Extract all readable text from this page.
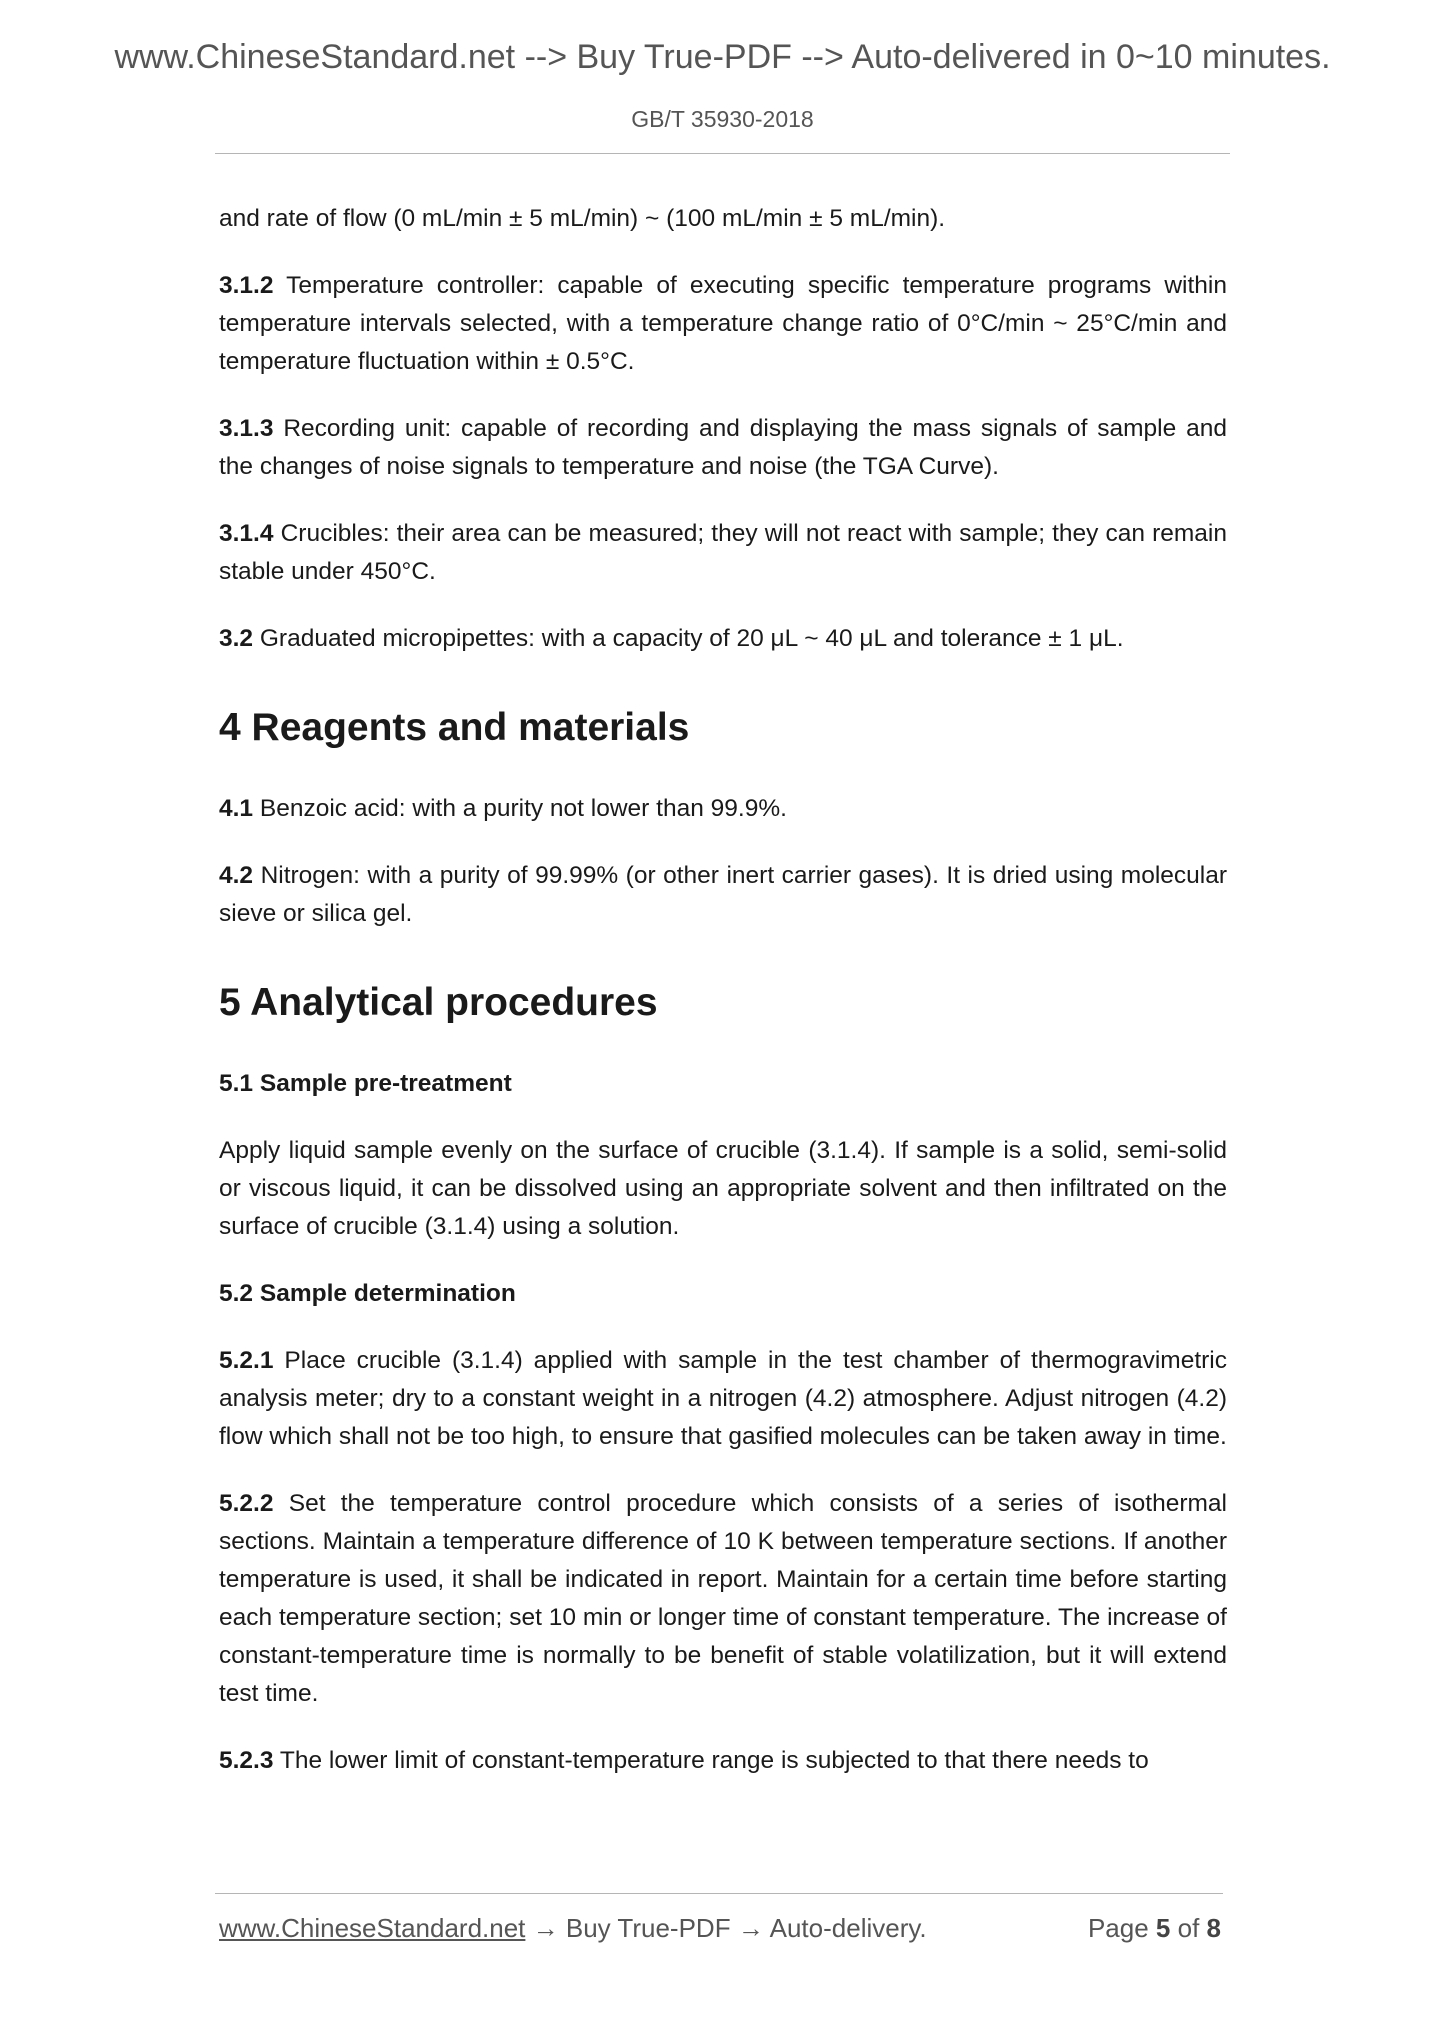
www.ChineseStandard.net --> Buy True-PDF --> Auto-delivered in 0~10 minutes.
GB/T 35930-2018

and rate of flow (0 mL/min ± 5 mL/min) ~ (100 mL/min ± 5 mL/min).

3.1.2 Temperature controller: capable of executing specific temperature programs within temperature intervals selected, with a temperature change ratio of 0°C/min ~ 25°C/min and temperature fluctuation within ± 0.5°C.

3.1.3 Recording unit: capable of recording and displaying the mass signals of sample and the changes of noise signals to temperature and noise (the TGA Curve).

3.1.4 Crucibles: their area can be measured; they will not react with sample; they can remain stable under 450°C.

3.2 Graduated micropipettes: with a capacity of 20 μL ~ 40 μL and tolerance ± 1 μL.

4 Reagents and materials

4.1 Benzoic acid: with a purity not lower than 99.9%.

4.2 Nitrogen: with a purity of 99.99% (or other inert carrier gases). It is dried using molecular sieve or silica gel.

5 Analytical procedures
5.1 Sample pre-treatment

Apply liquid sample evenly on the surface of crucible (3.1.4). If sample is a solid, semi-solid or viscous liquid, it can be dissolved using an appropriate solvent and then infiltrated on the surface of crucible (3.1.4) using a solution.

5.2 Sample determination

5.2.1 Place crucible (3.1.4) applied with sample in the test chamber of thermogravimetric analysis meter; dry to a constant weight in a nitrogen (4.2) atmosphere. Adjust nitrogen (4.2) flow which shall not be too high, to ensure that gasified molecules can be taken away in time.

5.2.2 Set the temperature control procedure which consists of a series of isothermal sections. Maintain a temperature difference of 10 K between temperature sections. If another temperature is used, it shall be indicated in report. Maintain for a certain time before starting each temperature section; set 10 min or longer time of constant temperature. The increase of constant-temperature time is normally to be benefit of stable volatilization, but it will extend test time.

5.2.3 The lower limit of constant-temperature range is subjected to that there needs to

www.ChineseStandard.net → Buy True-PDF → Auto-delivery.	Page 5 of 8
